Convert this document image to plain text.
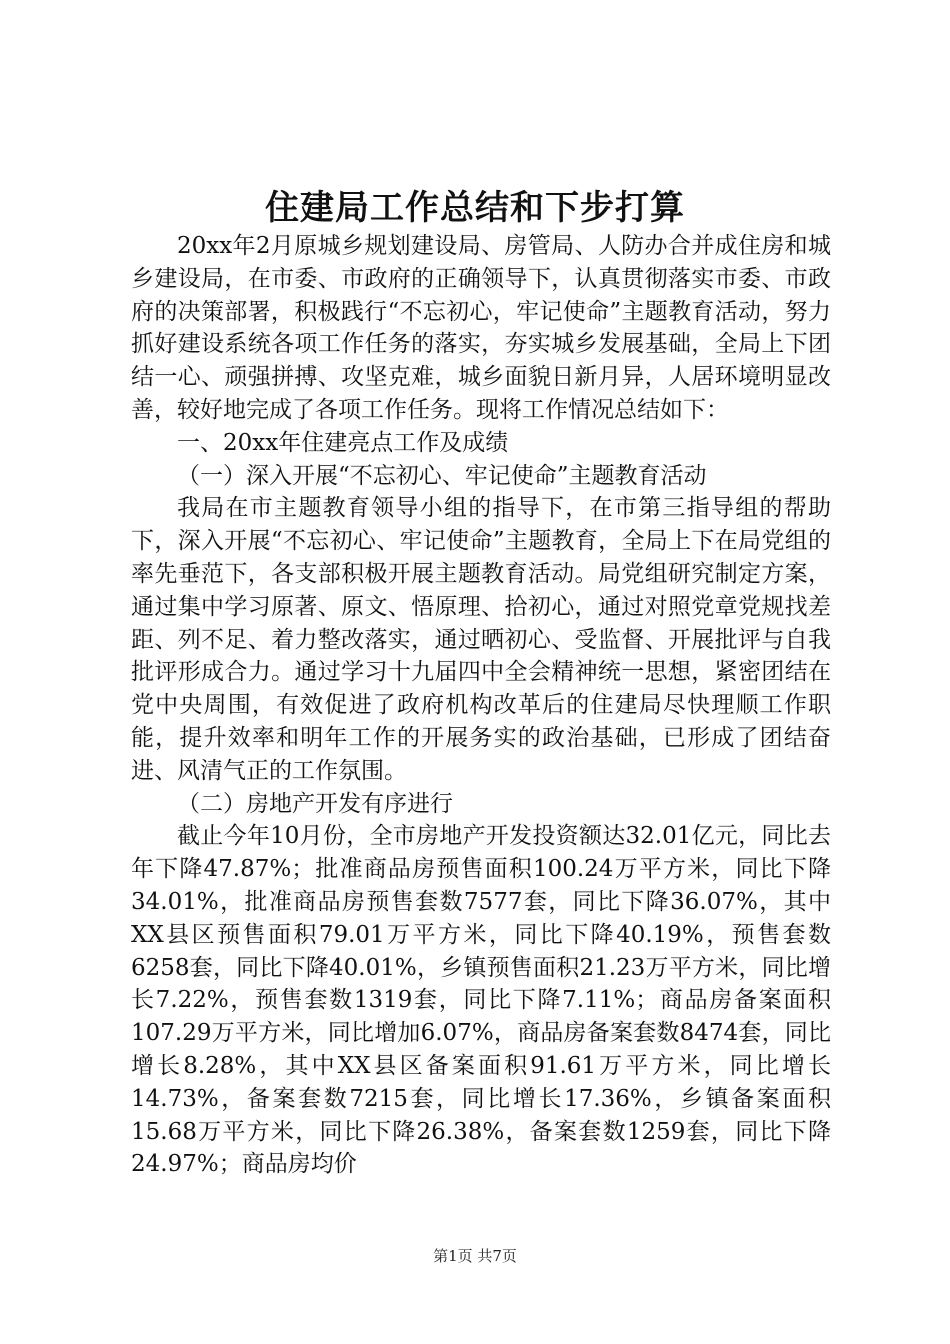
住建局工作总结和下步打算

20xx年2月原城乡规划建设局、房管局、人防办合并成住房和城乡建设局，在市委、市政府的正确领导下，认真贯彻落实市委、市政府的决策部署，积极践行“不忘初心，牢记使命”主题教育活动，努力抓好建设系统各项工作任务的落实，夯实城乡发展基础，全局上下团结一心、顽强拼搏、攻坚克难，城乡面貌日新月异，人居环境明显改善，较好地完成了各项工作任务。现将工作情况总结如下：

一、20xx年住建亮点工作及成绩

（一）深入开展“不忘初心、牢记使命”主题教育活动

我局在市主题教育领导小组的指导下，在市第三指导组的帮助下，深入开展“不忘初心、牢记使命”主题教育，全局上下在局党组的率先垂范下，各支部积极开展主题教育活动。局党组研究制定方案，通过集中学习原著、原文、悟原理、拾初心，通过对照党章党规找差距、列不足、着力整改落实，通过晒初心、受监督、开展批评与自我批评形成合力。通过学习十九届四中全会精神统一思想，紧密团结在党中央周围，有效促进了政府机构改革后的住建局尽快理顺工作职能，提升效率和明年工作的开展务实的政治基础，已形成了团结奋进、风清气正的工作氛围。

（二）房地产开发有序进行

截止今年10月份，全市房地产开发投资额达32.01亿元，同比去年下降47.87%；批准商品房预售面积100.24万平方米，同比下降34.01%，批准商品房预售套数7577套，同比下降36.07%，其中XX县区预售面积79.01万平方米，同比下降40.19%，预售套数6258套，同比下降40.01%，乡镇预售面积21.23万平方米，同比增长7.22%，预售套数1319套，同比下降7.11%；商品房备案面积107.29万平方米，同比增加6.07%，商品房备案套数8474套，同比增长8.28%，其中XX县区备案面积91.61万平方米，同比增长14.73%，备案套数7215套，同比增长17.36%，乡镇备案面积15.68万平方米，同比下降26.38%，备案套数1259套，同比下降24.97%；商品房均价

第1页 共7页
